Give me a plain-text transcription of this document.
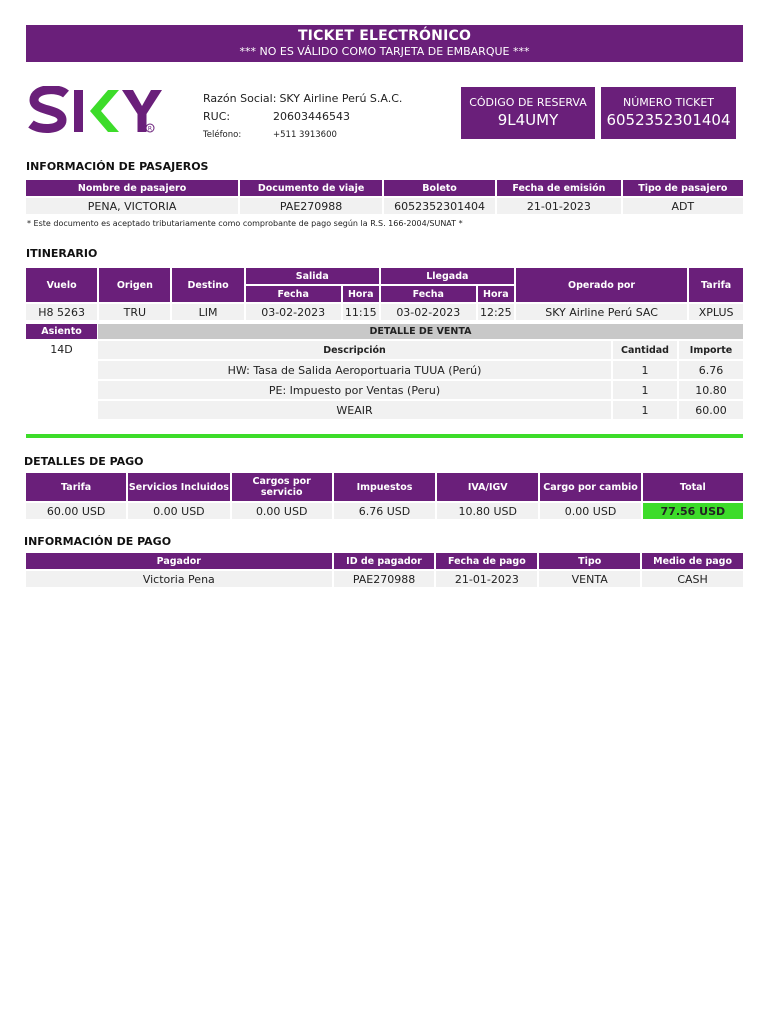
TICKET ELECTRÓNICO
*** NO ES VÁLIDO COMO TARJETA DE EMBARQUE ***
R
Razón Social: SKY Airline Perú S.A.C.
RUC:	20603446543
Teléfono:	+511 3913600
CÓDIGO DE RESERVA
9L4UMY
NÚMERO TICKET
6052352301404
INFORMACIÓN DE PASAJEROS
Nombre de pasajero	Documento de viaje	Boleto	Fecha de emisión	Tipo de pasajero
PENA, VICTORIA	PAE270988	6052352301404	21-01-2023	ADT
* Este documento es aceptado tributariamente como comprobante de pago según la R.S. 166-2004/SUNAT *
ITINERARIO
Vuelo	Origen	Destino	Salida		Llegada		Operado por	Tarifa
			Fecha	Hora	Fecha	Hora		
H8 5263	TRU	LIM	03-02-2023	11:15	03-02-2023	12:25	SKY Airline Perú SAC	XPLUS
Asiento
14D
DETALLE DE VENTA		
Descripción	Cantidad	Importe
HW: Tasa de Salida Aeroportuaria TUUA (Perú)	1	6.76
PE: Impuesto por Ventas (Peru)	1	10.80
WEAIR	1	60.00
DETALLES DE PAGO
Tarifa	Servicios Incluidos	Cargos por servicio	Impuestos	IVA/IGV	Cargo por cambio	Total
60.00 USD	0.00 USD	0.00 USD	6.76 USD	10.80 USD	0.00 USD	77.56 USD
INFORMACIÓN DE PAGO
Pagador	ID de pagador	Fecha de pago	Tipo	Medio de pago
Victoria Pena	PAE270988	21-01-2023	VENTA	CASH
